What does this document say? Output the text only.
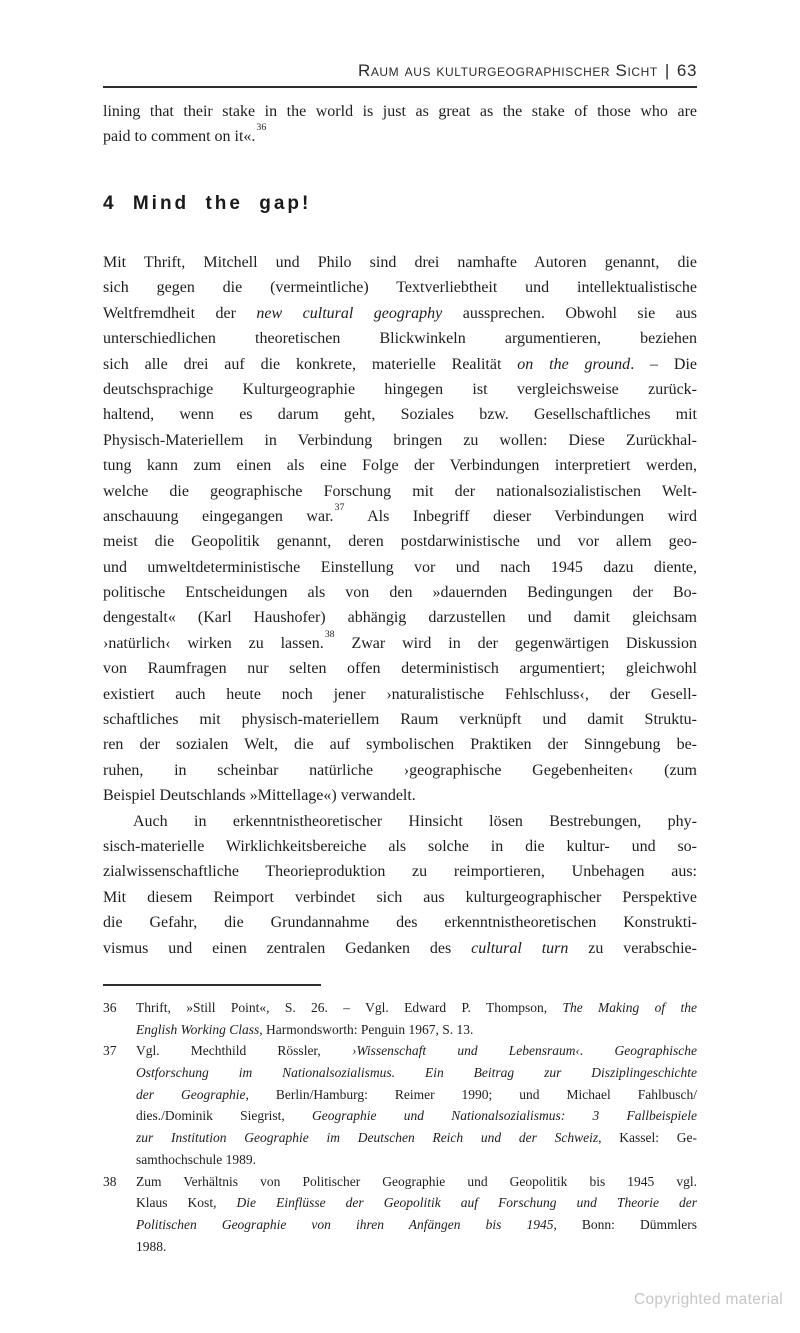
Raum aus kulturgeographischer Sicht | 63
lining that their stake in the world is just as great as the stake of those who are
paid to comment on it«.$^{36}$
4 Mind the gap!
Mit Thrift, Mitchell und Philo sind drei namhafte Autoren genannt, die
sich gegen die (vermeintliche) Textverliebtheit und intellektualistische
Weltfremdheit der new cultural geography aussprechen. Obwohl sie aus
unterschiedlichen theoretischen Blickwinkeln argumentieren, beziehen
sich alle drei auf die konkrete, materielle Realität on the ground. – Die
deutschsprachige Kulturgeographie hingegen ist vergleichsweise zurück-
haltend, wenn es darum geht, Soziales bzw. Gesellschaftliches mit
Physisch-Materiellem in Verbindung bringen zu wollen: Diese Zurückhal-
tung kann zum einen als eine Folge der Verbindungen interpretiert werden,
welche die geographische Forschung mit der nationalsozialistischen Welt-
anschauung eingegangen war.$^{37}$ Als Inbegriff dieser Verbindungen wird
meist die Geopolitik genannt, deren postdarwinistische und vor allem geo-
und umweltdeterministische Einstellung vor und nach 1945 dazu diente,
politische Entscheidungen als von den »dauernden Bedingungen der Bo-
dengestalt« (Karl Haushofer) abhängig darzustellen und damit gleichsam
›natürlich‹ wirken zu lassen.$^{38}$ Zwar wird in der gegenwärtigen Diskussion
von Raumfragen nur selten offen deterministisch argumentiert; gleichwohl
existiert auch heute noch jener ›naturalistische Fehlschluss‹, der Gesell-
schaftliches mit physisch-materiellem Raum verknüpft und damit Struktu-
ren der sozialen Welt, die auf symbolischen Praktiken der Sinngebung be-
ruhen, in scheinbar natürliche ›geographische Gegebenheiten‹ (zum
Beispiel Deutschlands »Mittellage«) verwandelt.
Auch in erkenntnistheoretischer Hinsicht lösen Bestrebungen, phy-
sisch-materielle Wirklichkeitsbereiche als solche in die kultur- und so-
zialwissenschaftliche Theorieproduktion zu reimportieren, Unbehagen aus:
Mit diesem Reimport verbindet sich aus kulturgeographischer Perspektive
die Gefahr, die Grundannahme des erkenntnistheoretischen Konstrukti-
vismus und einen zentralen Gedanken des cultural turn zu verabschie-
36 Thrift, »Still Point«, S. 26. – Vgl. Edward P. Thompson, The Making of the
English Working Class, Harmondsworth: Penguin 1967, S. 13.
37 Vgl. Mechthild Rössler, ›Wissenschaft und Lebensraum‹. Geographische
Ostforschung im Nationalsozialismus. Ein Beitrag zur Disziplingeschichte
der Geographie, Berlin/Hamburg: Reimer 1990; und Michael Fahlbusch/
dies./Dominik Siegrist, Geographie und Nationalsozialismus: 3 Fallbeispiele
zur Institution Geographie im Deutschen Reich und der Schweiz, Kassel: Ge-
samthochschule 1989.
38 Zum Verhältnis von Politischer Geographie und Geopolitik bis 1945 vgl.
Klaus Kost, Die Einflüsse der Geopolitik auf Forschung und Theorie der
Politischen Geographie von ihren Anfängen bis 1945, Bonn: Dümmlers
1988.
Copyrighted material
